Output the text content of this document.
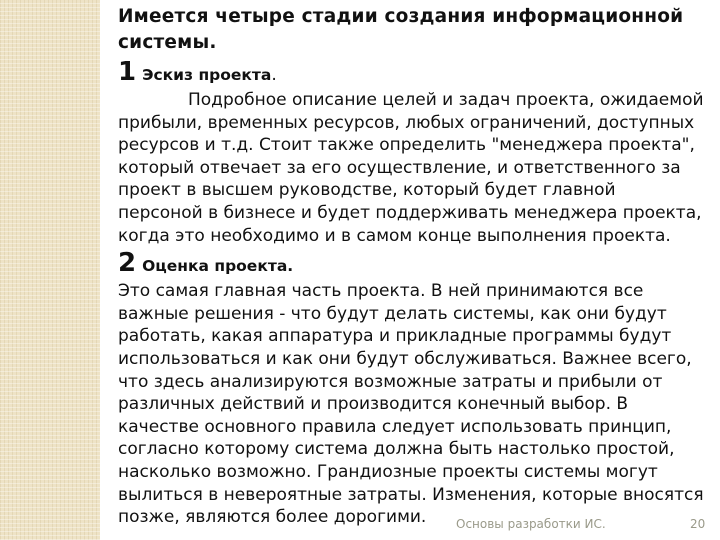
Имеется четыре стадии создания информационной системы.

1 Эскиз проекта.

Подробное описание целей и задач проекта, ожидаемой прибыли, временных ресурсов, любых ограничений, доступных ресурсов и т.д. Стоит также определить "менеджера проекта", который отвечает за его осуществление, и ответственного за проект в высшем руководстве, который будет главной персоной в бизнесе и будет поддерживать менеджера проекта, когда это необходимо и в самом конце выполнения проекта.

2 Оценка проекта.

Это самая главная часть проекта. В ней принимаются все важные решения - что будут делать системы, как они будут работать, какая аппаратура и прикладные программы будут использоваться и как они будут обслуживаться. Важнее всего, что здесь анализируются возможные затраты и прибыли от различных действий и производится конечный выбор. В качестве основного правила следует использовать принцип, согласно которому система должна быть настолько простой, насколько возможно. Грандиозные проекты системы могут вылиться в невероятные затраты. Изменения, которые вносятся позже, являются более дорогими.	Основы разработки ИС.	20
